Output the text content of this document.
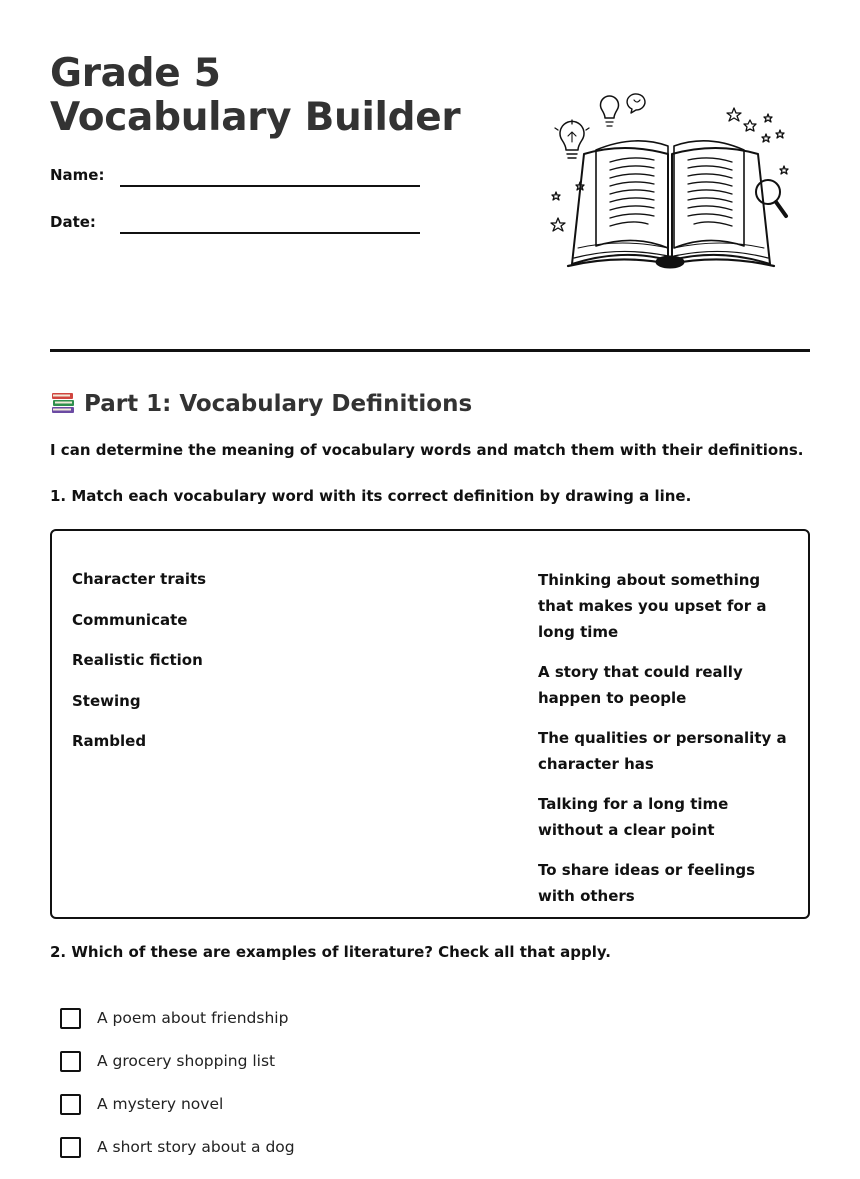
Grade 5 Vocabulary Builder
Name:
Date:
Part 1: Vocabulary Definitions
I can determine the meaning of vocabulary words and match them with their definitions.
1. Match each vocabulary word with its correct definition by drawing a line.
Character traits
Communicate
Realistic fiction
Stewing
Rambled
Thinking about something that makes you upset for a long time
A story that could really happen to people
The qualities or personality a character has
Talking for a long time without a clear point
To share ideas or feelings with others
2. Which of these are examples of literature? Check all that apply.
A poem about friendship
A grocery shopping list
A mystery novel
A short story about a dog
